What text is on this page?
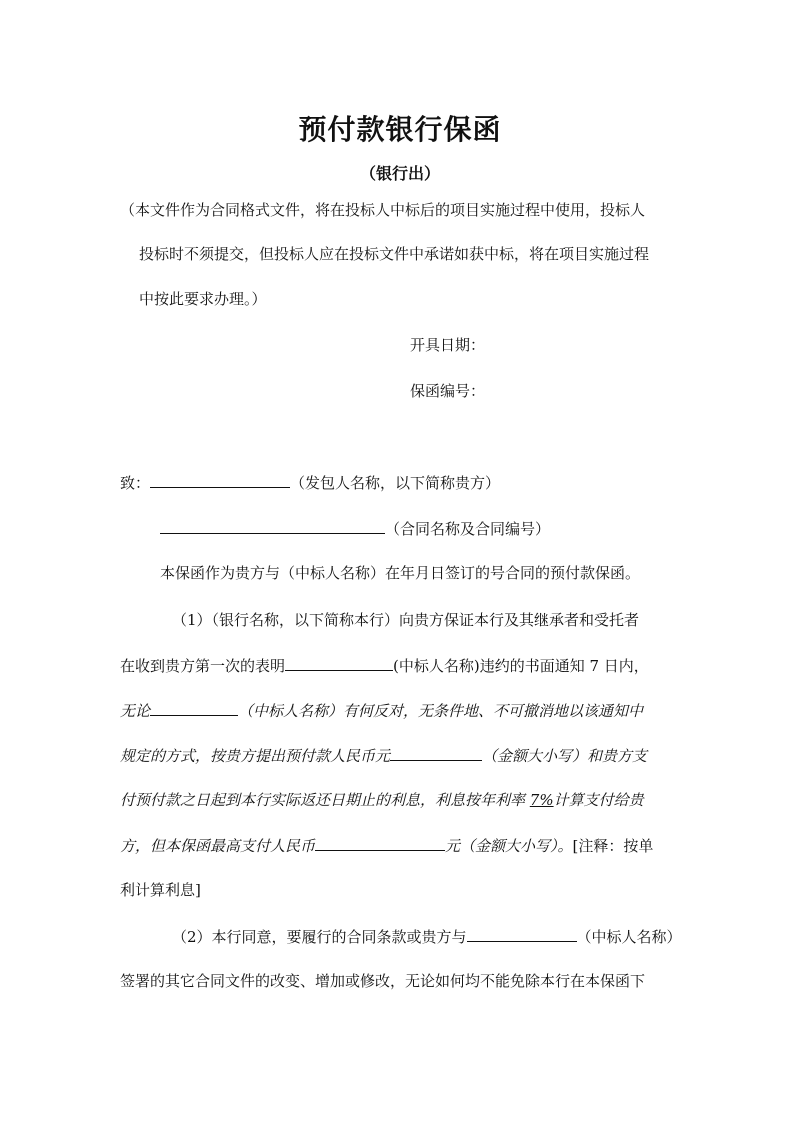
预付款银行保函
（银行出）
（本文件作为合同格式文件，将在投标人中标后的项目实施过程中使用，投标人
投标时不须提交，但投标人应在投标文件中承诺如获中标，将在项目实施过程
中按此要求办理。）
开具日期：
保函编号：
致：	（发包人名称，以下简称贵方）
（合同名称及合同编号）
本保函作为贵方与（中标人名称）在年月日签订的号合同的预付款保函。
（1）（银行名称，以下简称本行）向贵方保证本行及其继承者和受托者
在收到贵方第一次的表明	(中标人名称)违约的书面通知 7 日内，
无论	（中标人名称）有何反对，无条件地、不可撤消地以该通知中
规定的方式，按贵方提出预付款人民币元	（金额大小写）和贵方支
付预付款之日起到本行实际返还日期止的利息，利息按年利率 7%计算支付给贵
方，但本保函最高支付人民币	元（金额大小写）。[注释：按单
利计算利息]
（2）本行同意，要履行的合同条款或贵方与	（中标人名称）
签署的其它合同文件的改变、增加或修改，无论如何均不能免除本行在本保函下
